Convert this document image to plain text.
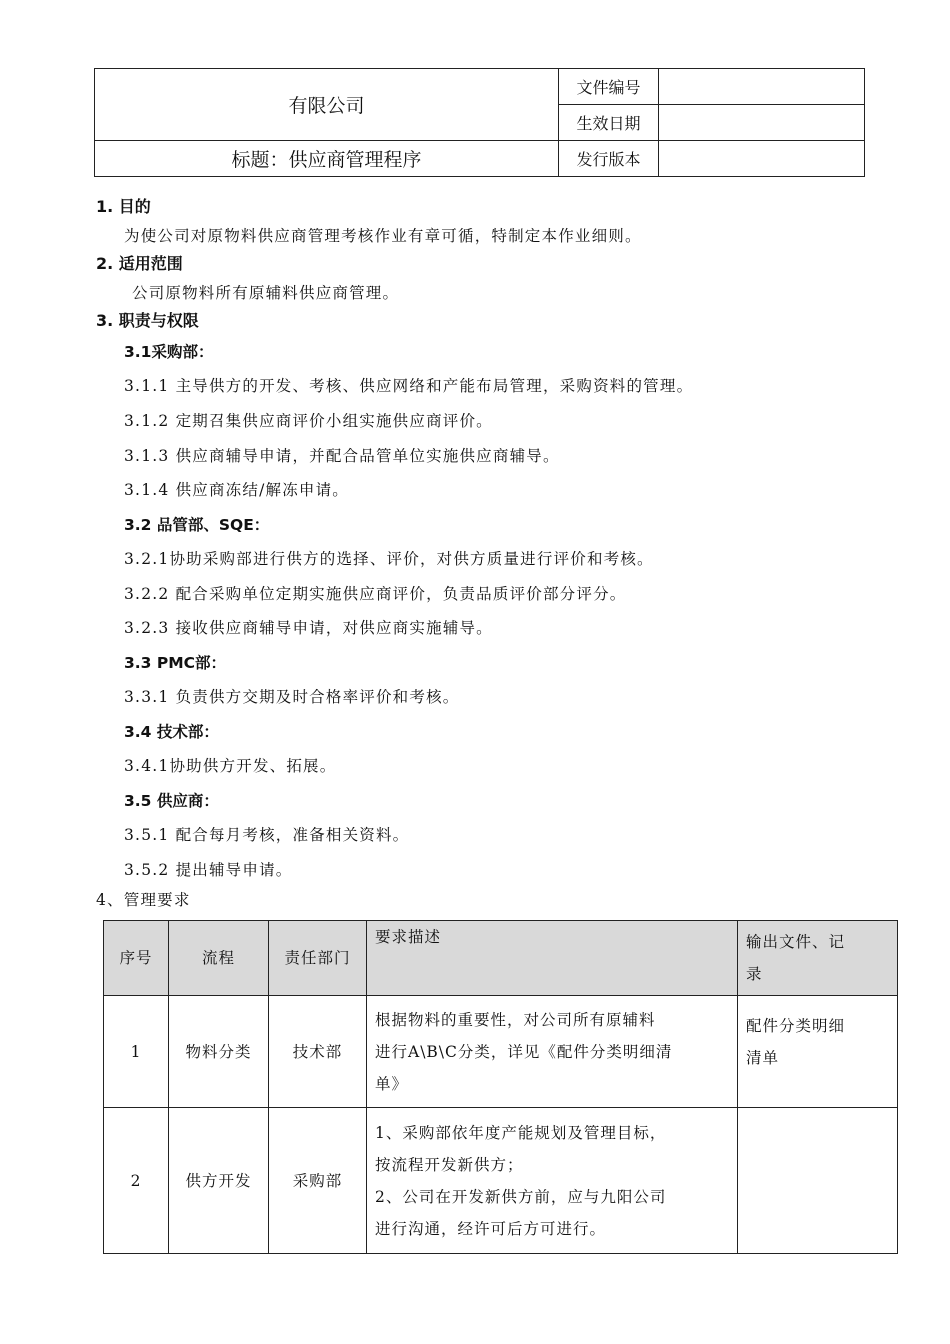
有限公司	文件编号	
	生效日期	
标题：供应商管理程序	发行版本	
1. 目的
为使公司对原物料供应商管理考核作业有章可循，特制定本作业细则。
2. 适用范围
公司原物料所有原辅料供应商管理。
3. 职责与权限
3.1采购部：
3.1.1 主导供方的开发、考核、供应网络和产能布局管理，采购资料的管理。
3.1.2 定期召集供应商评价小组实施供应商评价。
3.1.3 供应商辅导申请，并配合品管单位实施供应商辅导。
3.1.4 供应商冻结/解冻申请。
3.2 品管部、SQE：
3.2.1协助采购部进行供方的选择、评价，对供方质量进行评价和考核。
3.2.2 配合采购单位定期实施供应商评价，负责品质评价部分评分。
3.2.3 接收供应商辅导申请，对供应商实施辅导。
3.3 PMC部：
3.3.1 负责供方交期及时合格率评价和考核。
3.4 技术部：
3.4.1协助供方开发、拓展。
3.5 供应商：
3.5.1 配合每月考核，准备相关资料。
3.5.2 提出辅导申请。
4、管理要求
序号	流程	责任部门	要求描述	输出文件、记
录

1	物料分类	技术部	根据物料的重要性，对公司所有原辅料
进行A\B\C分类，详见《配件分类明细清
单》	配件分类明细
清单

2	供方开发	采购部	1、采购部依年度产能规划及管理目标，
按流程开发新供方；
2、公司在开发新供方前，应与九阳公司
进行沟通，经许可后方可进行。	
